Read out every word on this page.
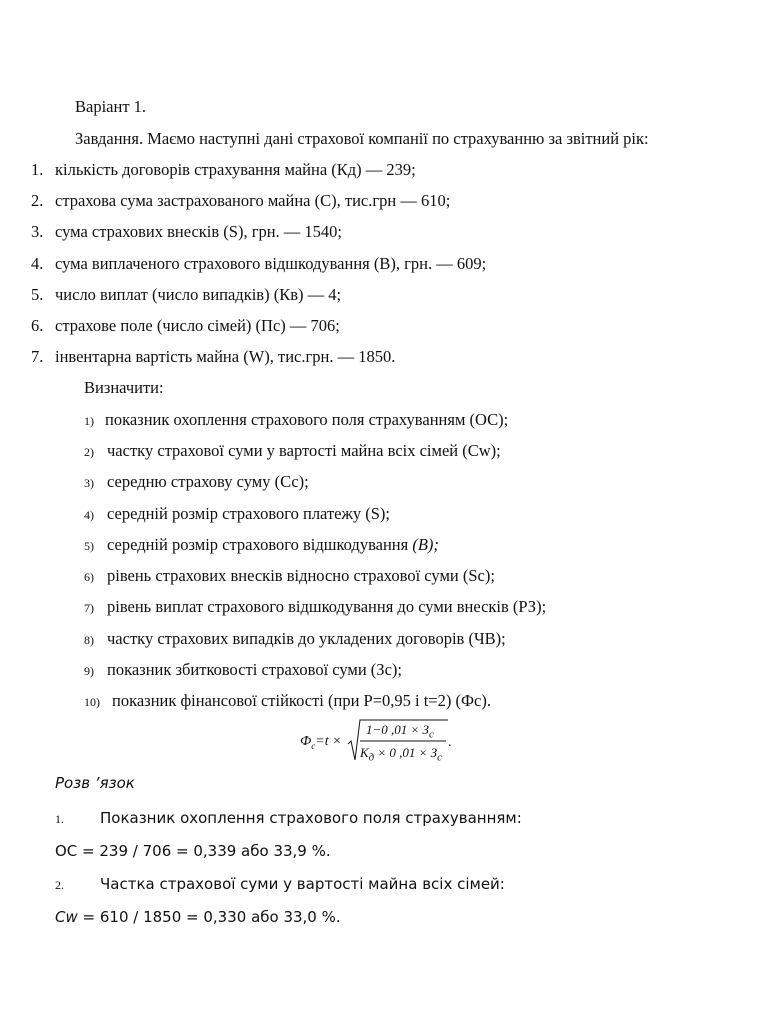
Варіант 1.
Завдання. Маємо наступні дані страхової компанії по страхуванню за звітний рік:
1. кількість договорів страхування майна (Кд) — 239;
2. страхова сума застрахованого майна (С), тис.грн — 610;
3. сума страхових внесків (S), грн. — 1540;
4. сума виплаченого страхового відшкодування (В), грн. — 609;
5. число виплат (число випадків) (Кв) — 4;
6. страхове поле (число сімей) (Пс) — 706;
7. інвентарна вартість майна (W), тис.грн. — 1850.
Визначити:
1) показник охоплення страхового поля страхуванням (ОС);
2) частку страхової суми у вартості майна всіх сімей (Cw);
3) середню страхову суму (Сс);
4) середній розмір страхового платежу (S);
5) середній розмір страхового відшкодування (В);
6) рівень страхових внесків відносно страхової суми (Sс);
7) рівень виплат страхового відшкодування до суми внесків (РЗ);
8) частку страхових випадків до укладених договорів (ЧВ);
9) показник збитковості страхової суми (Зс);
10) показник фінансової стійкості (при Р=0,95 і t=2) (Фс).
$Ф_c=t$ ×
1−0 $,01 \times З_c$
$К_д \times 0$ $,01 \times З_c$
.
Розв ’язок
1. Показник охоплення страхового поля страхуванням:
ОС = 239 / 706 = 0,339 або 33,9 %.
2. Частка страхової суми у вартості майна всіх сімей:
Cw = 610 / 1850 = 0,330 або 33,0 %.
